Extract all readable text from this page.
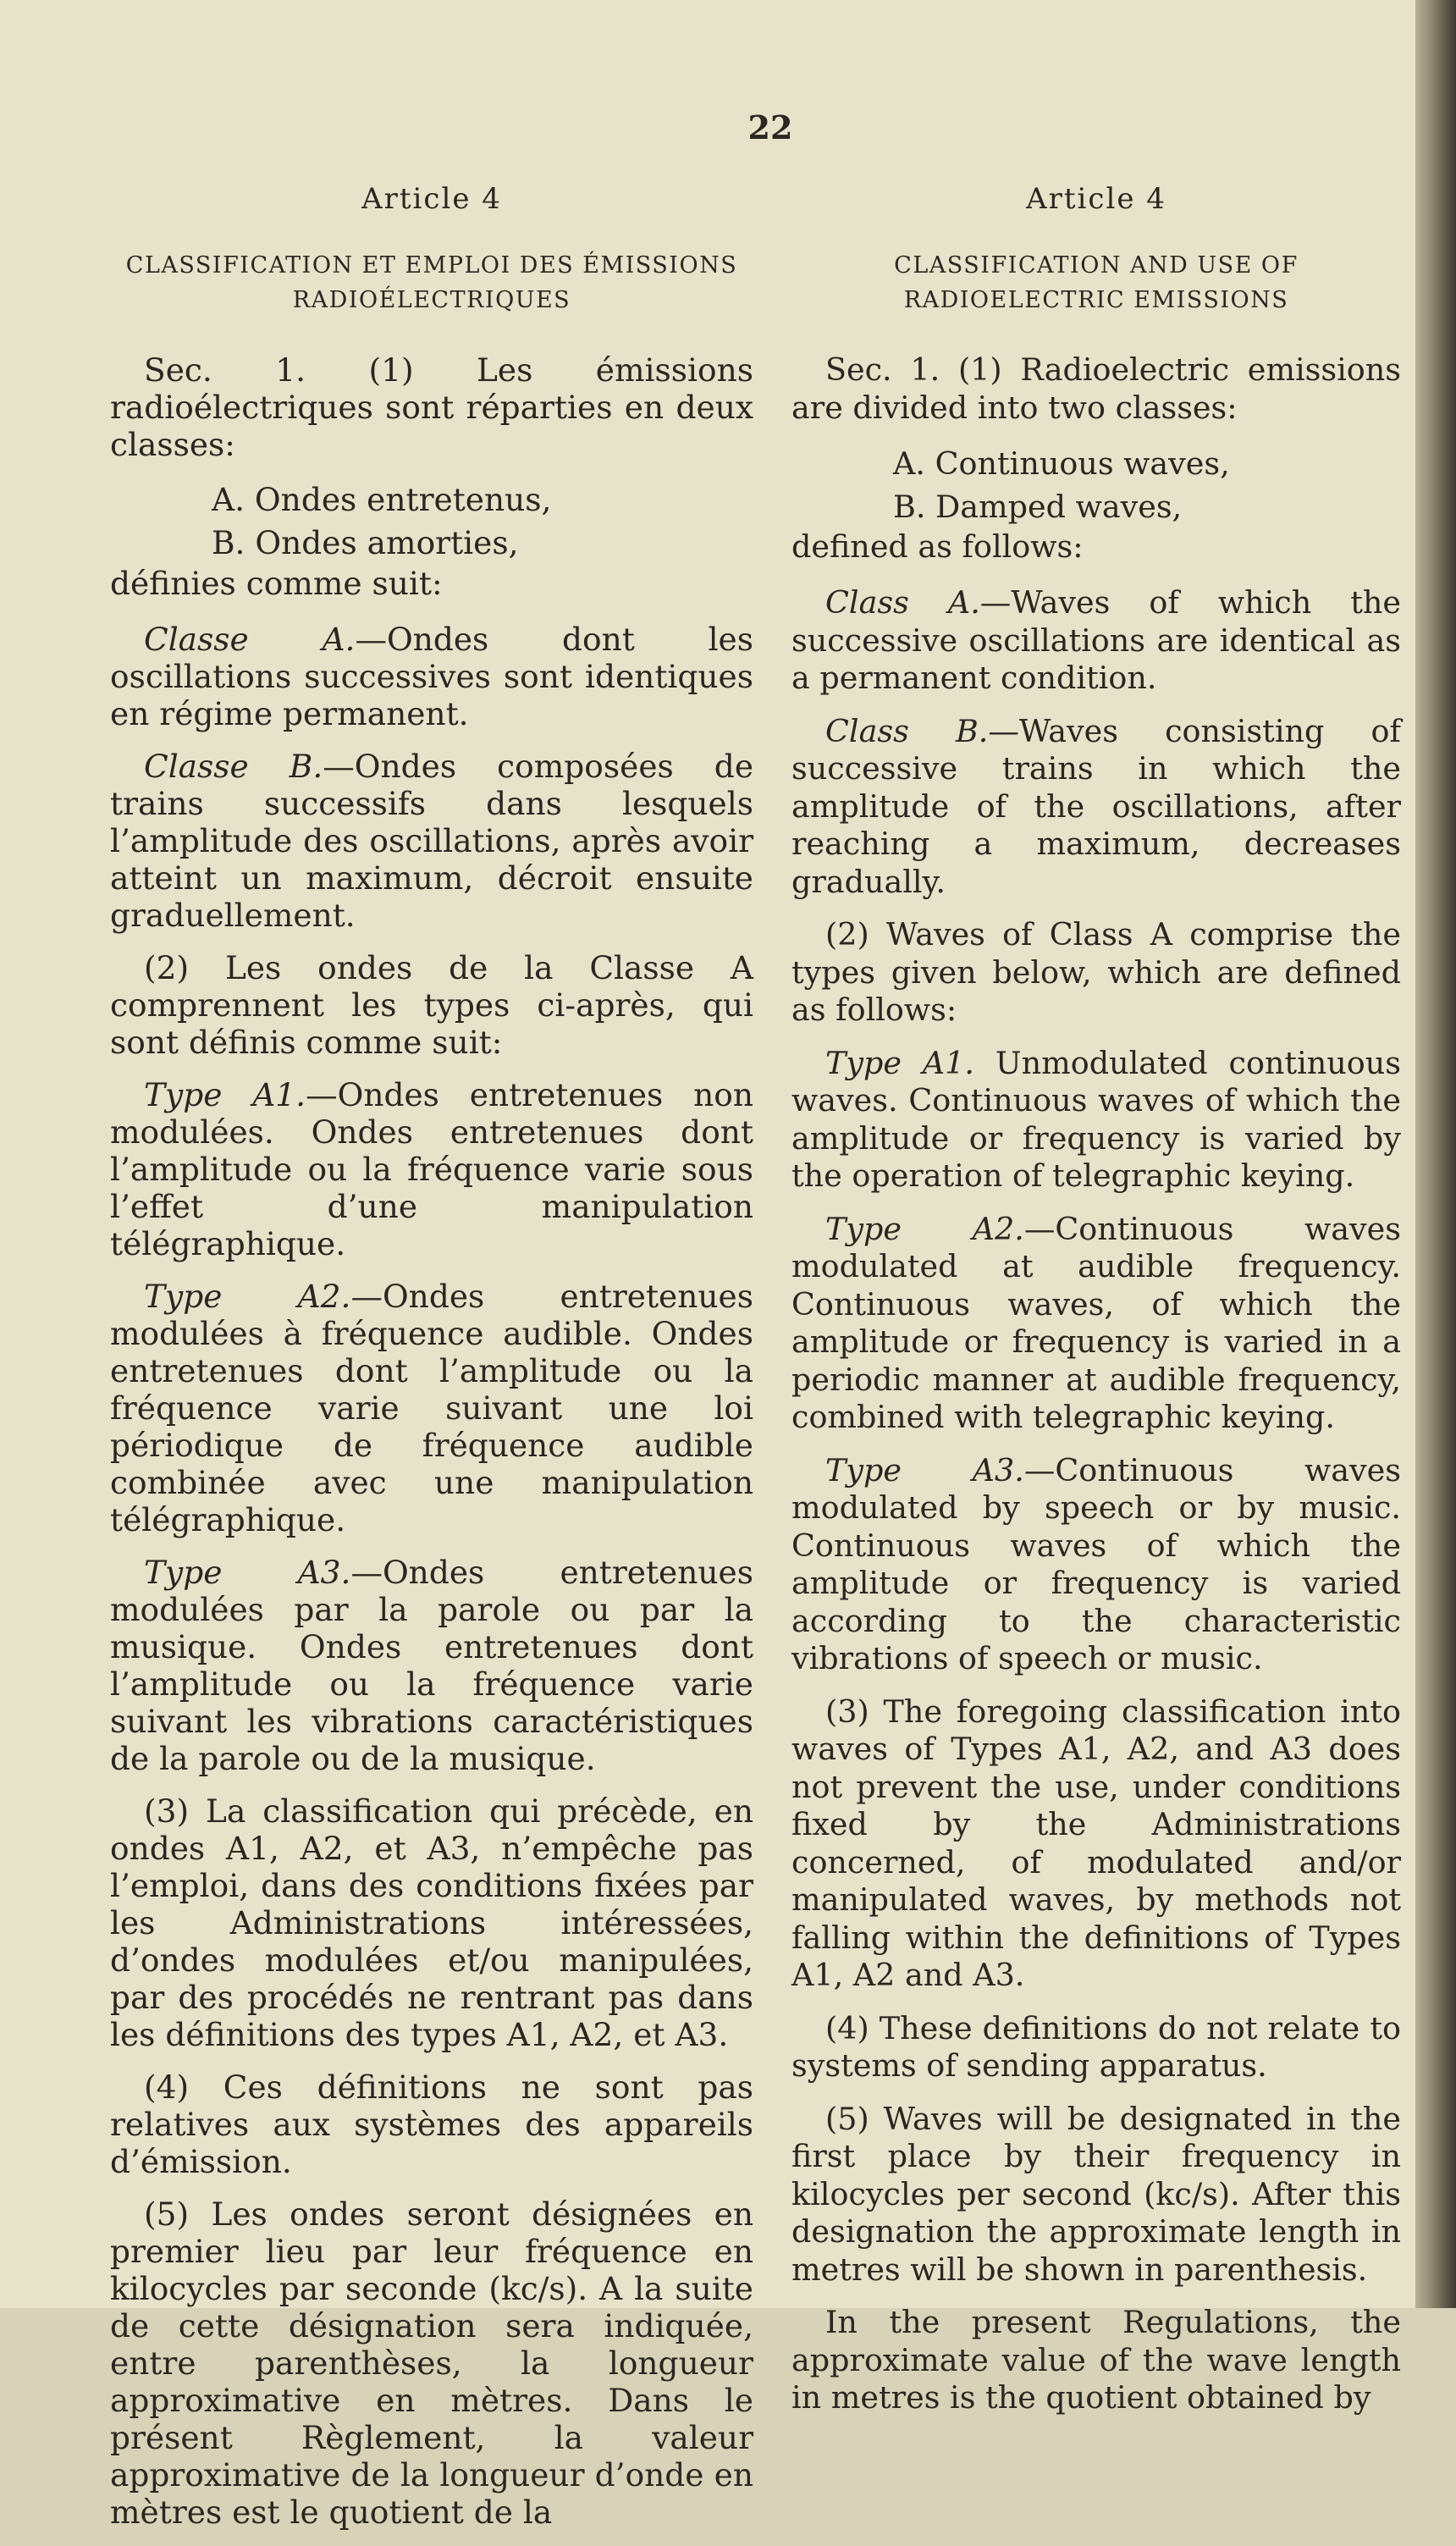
22
Article 4
CLASSIFICATION ET EMPLOI DES ÉMISSIONS RADIOÉLECTRIQUES
Sec. 1. (1) Les émissions radioélectriques sont réparties en deux classes:
A. Ondes entretenus,
B. Ondes amorties,
définies comme suit:
Classe A.—Ondes dont les oscillations successives sont identiques en régime permanent.
Classe B.—Ondes composées de trains successifs dans lesquels l’amplitude des oscillations, après avoir atteint un maximum, décroit ensuite graduellement.
(2) Les ondes de la Classe A comprennent les types ci-après, qui sont définis comme suit:
Type A1.—Ondes entretenues non modulées. Ondes entretenues dont l’amplitude ou la fréquence varie sous l’effet d’une manipulation télégraphique.
Type A2.—Ondes entretenues modulées à fréquence audible. Ondes entretenues dont l’amplitude ou la fréquence varie suivant une loi périodique de fréquence audible combinée avec une manipulation télégraphique.
Type A3.—Ondes entretenues modulées par la parole ou par la musique. Ondes entretenues dont l’amplitude ou la fréquence varie suivant les vibrations caractéristiques de la parole ou de la musique.
(3) La classification qui précède, en ondes A1, A2, et A3, n’empêche pas l’emploi, dans des conditions fixées par les Administrations intéressées, d’ondes modulées et/ou manipulées, par des procédés ne rentrant pas dans les définitions des types A1, A2, et A3.
(4) Ces définitions ne sont pas relatives aux systèmes des appareils d’émission.
(5) Les ondes seront désignées en premier lieu par leur fréquence en kilocycles par seconde (kc/s). A la suite de cette désignation sera indiquée, entre parenthèses, la longueur approximative en mètres. Dans le présent Règlement, la valeur approximative de la longueur d’onde en mètres est le quotient de la
Article 4
CLASSIFICATION AND USE OF RADIOELECTRIC EMISSIONS
Sec. 1. (1) Radioelectric emissions are divided into two classes:
A. Continuous waves,
B. Damped waves,
defined as follows:
Class A.—Waves of which the successive oscillations are identical as a permanent condition.
Class B.—Waves consisting of successive trains in which the amplitude of the oscillations, after reaching a maximum, decreases gradually.
(2) Waves of Class A comprise the types given below, which are defined as follows:
Type A1. Unmodulated continuous waves. Continuous waves of which the amplitude or frequency is varied by the operation of telegraphic keying.
Type A2.—Continuous waves modulated at audible frequency. Continuous waves, of which the amplitude or frequency is varied in a periodic manner at audible frequency, combined with telegraphic keying.
Type A3.—Continuous waves modulated by speech or by music. Continuous waves of which the amplitude or frequency is varied according to the characteristic vibrations of speech or music.
(3) The foregoing classification into waves of Types A1, A2, and A3 does not prevent the use, under conditions fixed by the Administrations concerned, of modulated and/or manipulated waves, by methods not falling within the definitions of Types A1, A2 and A3.
(4) These definitions do not relate to systems of sending apparatus.
(5) Waves will be designated in the first place by their frequency in kilocycles per second (kc/s). After this designation the approximate length in metres will be shown in parenthesis.
In the present Regulations, the approximate value of the wave length in metres is the quotient obtained by
